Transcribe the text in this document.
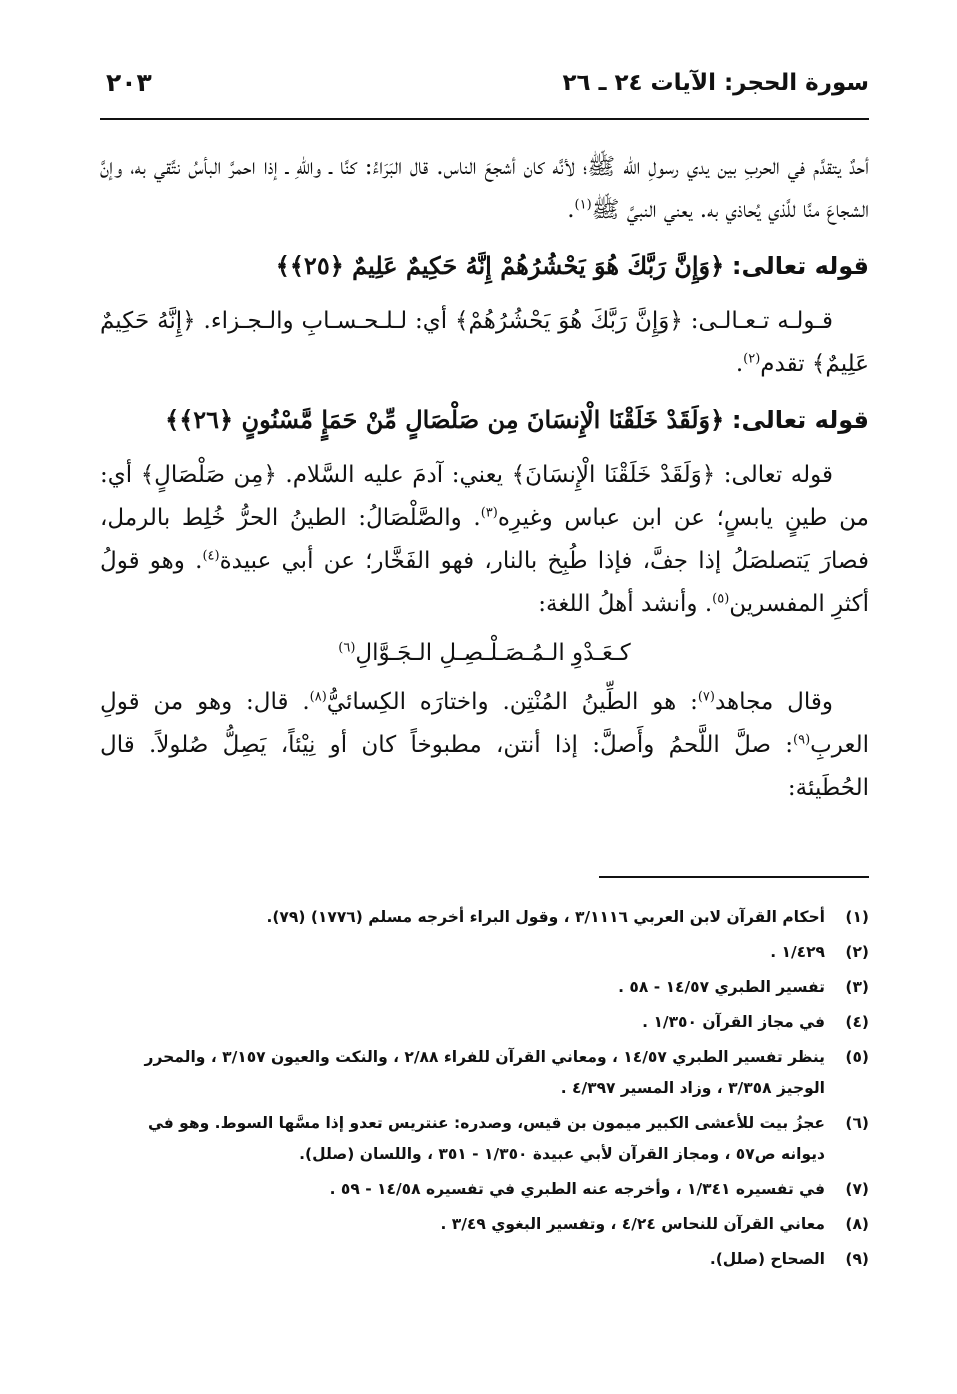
سورة الحجر: الآيات ٢٤ ـ ٢٦
٢٠٣

أحدٌ يتقدَّم في الحربِ بين يدي رسولِ الله ﷺ؛ لأنَّه كان أشجعَ الناس. قال البَرَاءُ: كنَّا ـ واللهِ ـ إذا احمرَّ البأسُ نتَّقي به، وإنَّ الشجاعَ منَّا للَّذي يُحاذي به. يعني النبيَّ ﷺ$^{(١)}$.

قوله تعالى: ﴿وَإِنَّ رَبَّكَ هُوَ يَحْشُرُهُمْ إِنَّهُ حَكِيمٌ عَلِيمٌ ﴿٢٥﴾﴾

قـولـه تـعـالـى: ﴿وَإِنَّ رَبَّكَ هُوَ يَحْشُرُهُمْ﴾ أي: لـلـحـسـابِ والـجـزاء. ﴿إِنَّهُ حَكِيمٌ عَلِيمٌ﴾ تقدم$^{(٢)}$.

قوله تعالى: ﴿وَلَقَدْ خَلَقْنَا الْإِنسَانَ مِن صَلْصَالٍ مِّنْ حَمَإٍ مَّسْنُونٍ ﴿٢٦﴾﴾

قوله تعالى: ﴿وَلَقَدْ خَلَقْنَا الْإِنسَانَ﴾ يعني: آدمَ عليه السَّلام. ﴿مِن صَلْصَالٍ﴾ أي: من طينٍ يابسٍ؛ عن ابن عباس وغيرِه$^{(٣)}$. والصَّلْصَالُ: الطينُ الحرُّ خُلِط بالرمل، فصارَ يَتصلصَلُ إذا جفَّ، فإذا طُبِخ بالنار، فهو الفَخَّار؛ عن أبي عبيدة$^{(٤)}$. وهو قولُ أكثرِ المفسرين$^{(٥)}$. وأنشد أهلُ اللغة:

كـعَـدْوِ الـمُـصَـلْـصِـلِ الـجَـوَّالِ$^{(٦)}$

وقال مجاهد$^{(٧)}$: هو الطِّينُ المُنْتِن. واختارَه الكِسائيُّ$^{(٨)}$. قال: وهو من قولِ العربِ$^{(٩)}$: صلَّ اللَّحمُ وأَصلَّ: إذا أنتن، مطبوخاً كان أو نِيْئاً، يَصِلُّ صُلولاً. قال الحُطَيئة:

(١)
أحكام القرآن لابن العربي ٣/١١١٦ ، وقول البراء أخرجه مسلم (١٧٧٦) (٧٩).
(٢)
١/٤٢٩ .
(٣)
تفسير الطبري ١٤/٥٧ - ٥٨ .
(٤)
في مجاز القرآن ١/٣٥٠ .
(٥)
ينظر تفسير الطبري ١٤/٥٧ ، ومعاني القرآن للفراء ٢/٨٨ ، والنكت والعيون ٣/١٥٧ ، والمحرر الوجيز ٣/٣٥٨ ، وزاد المسير ٤/٣٩٧ .
(٦)
عجزُ بيت للأعشى الكبير ميمون بن قيس، وصدره: عنتريس تعدو إذا مسَّها السوط. وهو في ديوانه ص٥٧ ، ومجاز القرآن لأبي عبيدة ١/٣٥٠ - ٣٥١ ، واللسان (صلل).
(٧)
في تفسيره ١/٣٤١ ، وأخرجه عنه الطبري في تفسيره ١٤/٥٨ - ٥٩ .
(٨)
معاني القرآن للنحاس ٤/٢٤ ، وتفسير البغوي ٣/٤٩ .
(٩)
الصحاح (صلل).
